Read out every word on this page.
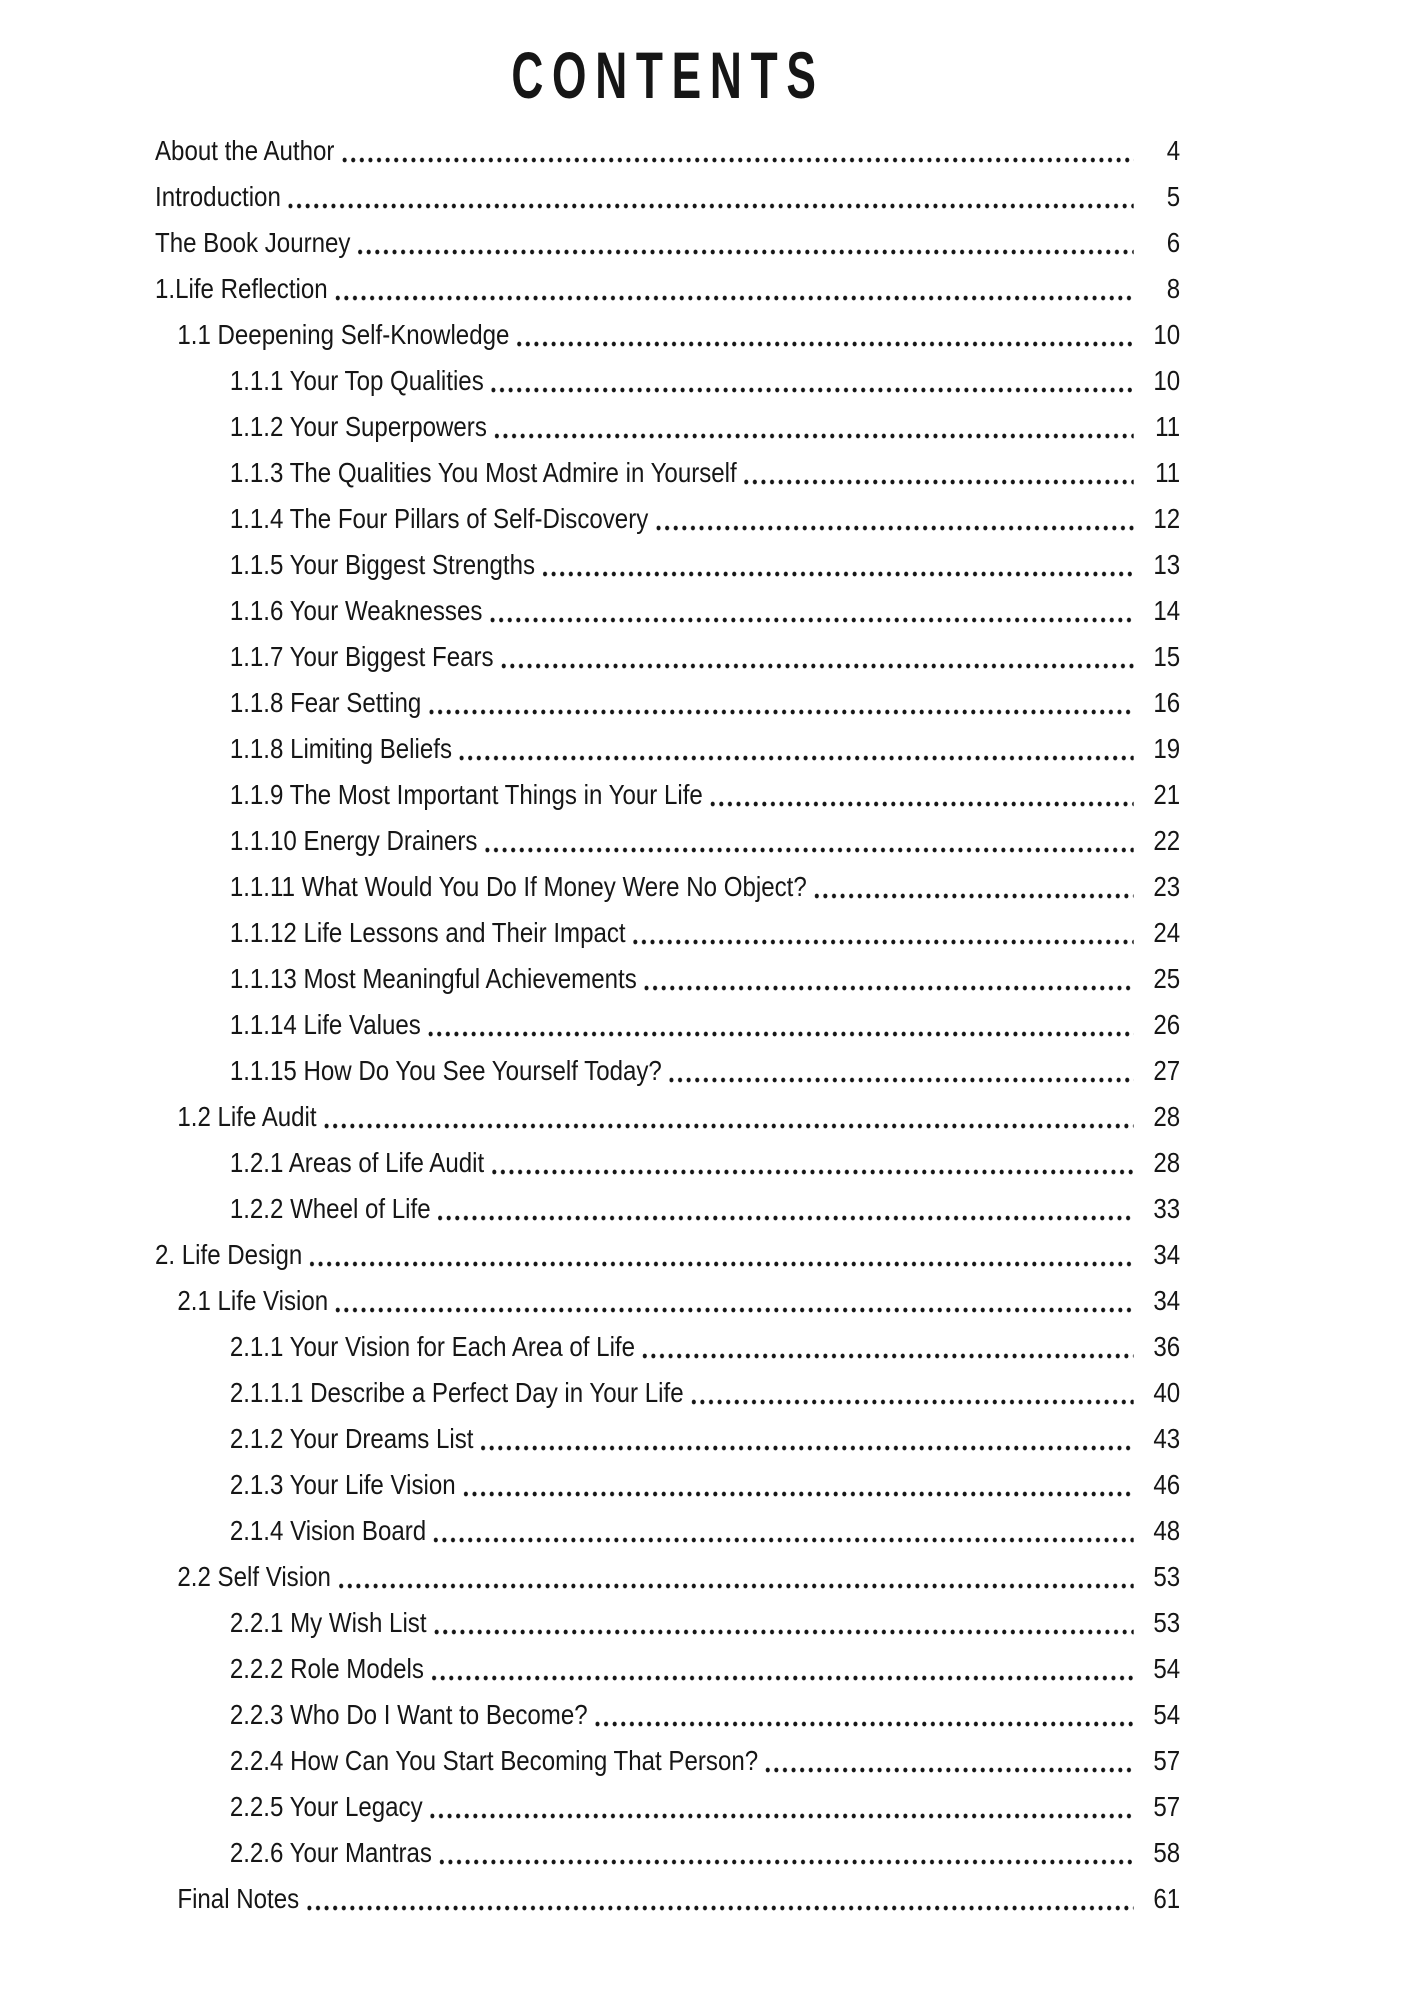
CONTENTS
About the Author	4
Introduction	5
The Book Journey	6
1.Life Reflection	8
1.1 Deepening Self-Knowledge	10
1.1.1 Your Top Qualities	10
1.1.2 Your Superpowers	11
1.1.3 The Qualities You Most Admire in Yourself	11
1.1.4 The Four Pillars of Self-Discovery	12
1.1.5 Your Biggest Strengths	13
1.1.6 Your Weaknesses	14
1.1.7 Your Biggest Fears	15
1.1.8 Fear Setting	16
1.1.8 Limiting Beliefs	19
1.1.9 The Most Important Things in Your Life	21
1.1.10 Energy Drainers	22
1.1.11 What Would You Do If Money Were No Object?	23
1.1.12 Life Lessons and Their Impact	24
1.1.13 Most Meaningful Achievements	25
1.1.14 Life Values	26
1.1.15 How Do You See Yourself Today?	27
1.2 Life Audit	28
1.2.1 Areas of Life Audit	28
1.2.2 Wheel of Life	33
2. Life Design	34
2.1 Life Vision	34
2.1.1 Your Vision for Each Area of Life	36
2.1.1.1 Describe a Perfect Day in Your Life	40
2.1.2 Your Dreams List	43
2.1.3 Your Life Vision	46
2.1.4 Vision Board	48
2.2 Self Vision	53
2.2.1 My Wish List	53
2.2.2 Role Models	54
2.2.3 Who Do I Want to Become?	54
2.2.4 How Can You Start Becoming That Person?	57
2.2.5 Your Legacy	57
2.2.6 Your Mantras	58
Final Notes	61
